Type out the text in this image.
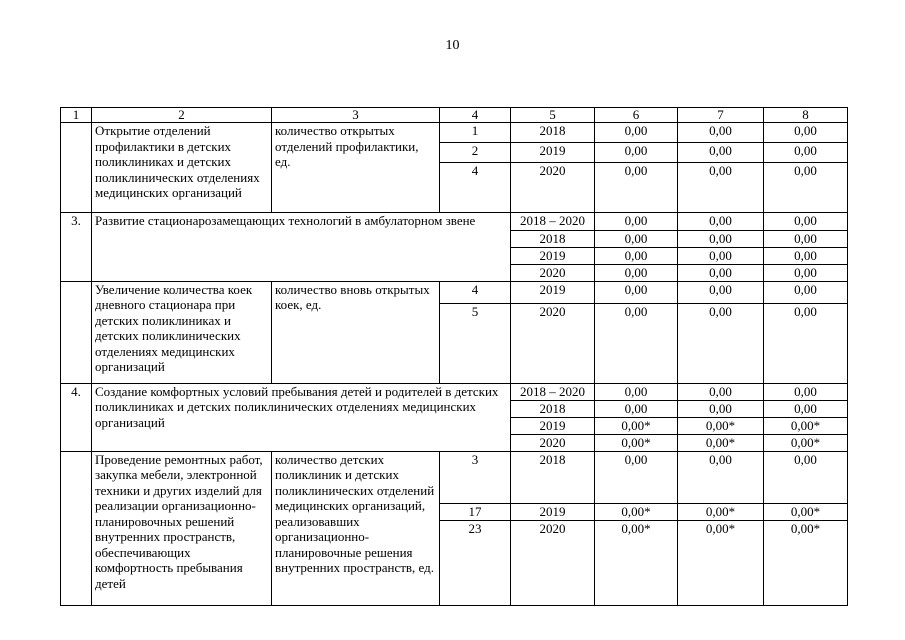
10
1	2	3	4	5	6	7	8
	Открытие отделений профилактики в детских поликлиниках и детских поликлинических отделениях медицинских организаций	количество открытых отделений профилактики, ед.	1	2018	0,00	0,00	0,00
			2	2019	0,00	0,00	0,00
			4	2020	0,00	0,00	0,00
3.	Развитие стационарозамещающих технологий в амбулаторном звене			2018 – 2020	0,00	0,00	0,00
				2018	0,00	0,00	0,00
				2019	0,00	0,00	0,00
				2020	0,00	0,00	0,00
	Увеличение количества коек дневного стационара при детских поликлиниках и детских поликлинических отделениях медицинских организаций	количество вновь открытых коек, ед.	4	2019	0,00	0,00	0,00
			5	2020	0,00	0,00	0,00
4.	Создание комфортных условий пребывания детей и родителей в детских поликлиниках и детских поликлинических отделениях медицинских организаций			2018 – 2020	0,00	0,00	0,00
				2018	0,00	0,00	0,00
				2019	0,00*	0,00*	0,00*
				2020	0,00*	0,00*	0,00*
	Проведение ремонтных работ, закупка мебели, электронной техники и других изделий для реализации организационно-планировочных решений внутренних пространств, обеспечивающих комфортность пребывания детей	количество детских поликлиник и детских поликлинических отделений медицинских организаций, реализовавших организационно-планировочные решения внутренних пространств, ед.	3	2018	0,00	0,00	0,00
			17	2019	0,00*	0,00*	0,00*
			23	2020	0,00*	0,00*	0,00*
